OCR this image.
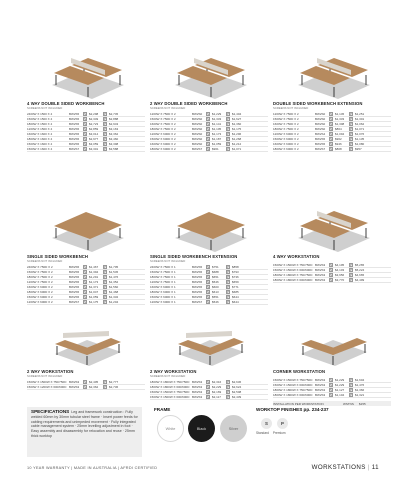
4 WAY DOUBLE SIDED WORKBENCH
SCREENS NOT INCLUDED
2400W X 1500 X 4	BW2S5	S	$2,298	P	$2,745
1500W X 1500 X 4	BW2S5	S	$2,349	P	$2,888
1800W X 1500 X 4	BW2S5	S	$2,723	P	$2,943
1200W X 1500 X 4	BW2S5	S	$2,859	P	$3,163
1600W X 1600 X 4	BW2S5	S	$3,014	P	$3,362
1800W X 1600 X 4	BW2S5	S	$2,977	P	$3,460
1500W X 1600 X 4	BW2S5	S	$3,059	P	$3,398
1500W X 1600 X 4	BW2S7	S	$3,301	P	$3,588
2 WAY DOUBLE SIDED WORKBENCH
SCREENS NOT INCLUDED
1200W X 750D X 2	BW2S0	S	$1,229	P	$1,404
1500W X 750D X 2	BW2S0	S	$1,333	P	$1,627
1600W X 750D X 2	BW2S0	S	$1,141	P	$1,360
1800W X 750D X 2	BW2S0	S	$1,105	P	$1,175
1200W X 600D X 2	BW2S0	S	$1,173	P	$1,296
1500W X 600D X 2	BW2S0	S	$1,187	P	$1,268
1600W X 600D X 2	BW2S0	S	$1,059	P	$1,212
1800W X 600D X 2	BW2S7	S	$961	P	$1,071
DOUBLE SIDED WORKBENCH EXTENSION
SCREENS NOT INCLUDED
1200W X 750D X 2	BW2S0	S	$1,145	P	$1,251
1500W X 750D X 2	BW2S0	S	$1,333	P	$1,301
1600W X 750D X 2	BW2S0	S	$1,308	P	$1,062
1800W X 750D X 2	BW2S0	S	$864	P	$1,071
1200W X 600D X 2	BW2S4	S	$1,094	P	$1,076
1500W X 600D X 2	BW2S5	S	$962	P	$1,135
1600W X 600D X 2	BW2S5	S	$946	P	$1,080
1800W X 600D X 2	BW2S7	S	$808	P	$957
SINGLE SIDED WORKBENCH
SCREENS NOT INCLUDED
2400W X 750D X 2	BW2S5	S	$1,467	P	$1,705
1500W X 750D X 2	BW2S5	S	$1,394	P	$1,545
1800W X 750D X 2	BW2S5	S	$1,291	P	$1,476
1200W X 750D X 2	BW2S5	S	$1,173	P	$1,352
1600W X 600D X 2	BW2S5	S	$1,371	P	$1,560
1800W X 600D X 2	BW2S5	S	$1,047	P	$1,468
1500W X 600D X 2	BW2S5	S	$1,059	P	$1,332
1200W X 600D X 2	BW2S7	S	$1,175	P	$1,204
SINGLE SIDED WORKBENCH EXTENSION
SCREENS NOT INCLUDED
2400W X 750D X 1	BW2S5	S	$751	P	$858
1500W X 750D X 1	BW2S5	S	$688	P	$793
1800W X 750D X 1	BW2S5	S	$651	P	$736
1200W X 750D X 1	BW2S5	S	$546	P	$659
1600W X 600D X 1	BW2S5	S	$600	P	$771
1800W X 600D X 1	BW2S5	S	$613	P	$685
1500W X 600D X 1	BW2S5	S	$551	P	$644
1200W X 600D X 1	BW2S7	S	$546	P	$644
4 WAY WORKSTATION
1500W X 1500W X 750/750D BW2S3	S	$4,195	P	$5,265
1500W X 1500W X 600/600D BW2S3	S	$4,103	P	$5,224
1800W X 1800W X 750/750D BW2S3	S	$3,956	P	$4,665
1800W X 1800W X 600/600D BW2S3	S	$3,770	P	$4,499
2 WAY WORKSTATION
SCREENS NOT INCLUDED
1500W X 1500W X 750/750D BW2S3	S	$2,405	P	$2,777
1500W X 1200W X 600/600D BW2S3	S	$2,362	P	$2,736
2 WAY WORKSTATION
SCREENS NOT INCLUDED
1800W X 1800W X 750/750D BW2S3	S	$2,316	P	$2,636
1800W X 1800W X 600/600D BW2S3	S	$2,229	P	$2,624
1500W X 1500W X 750/750D BW2S3	S	$2,169	P	$2,508
1500W X 1500W X 600/600D BW2S3	S	$2,117	P	$2,439
CORNER WORKSTATION
1500W X 1500W X 750/750D BW2S3	S	$1,229	P	$1,604
1500W X 1500W X 600/600D BW2S3	S	$1,229	P	$1,476
1800W X 1800W X 750/750D BW2S3	S	$1,127	P	$1,366
1800W X 1800W X 600/600D BW2S3	S	$1,104	P	$1,321
INSTALLATION PER WORKSTATION	WSTNS	$155
SPECIFICATIONS Leg and framework construction : Fully welded 60mm by 30mm tubular steel frame · Insert power feeds for cabling requirements and unimpeded movement · Fully integrated cable management system · 25mm levelling adjustment in foot · Easy assembly and disassembly for relocation and reuse · 25mm thick worktop
FRAME
White	Black	Silver
WORKTOP FINISHES pp. 234-237
S	P
Standard Premium
10 YEAR WARRANTY | MADE IN AUSTRALIA | AFRDI CERTIFIED	WORKSTATIONS | 11
